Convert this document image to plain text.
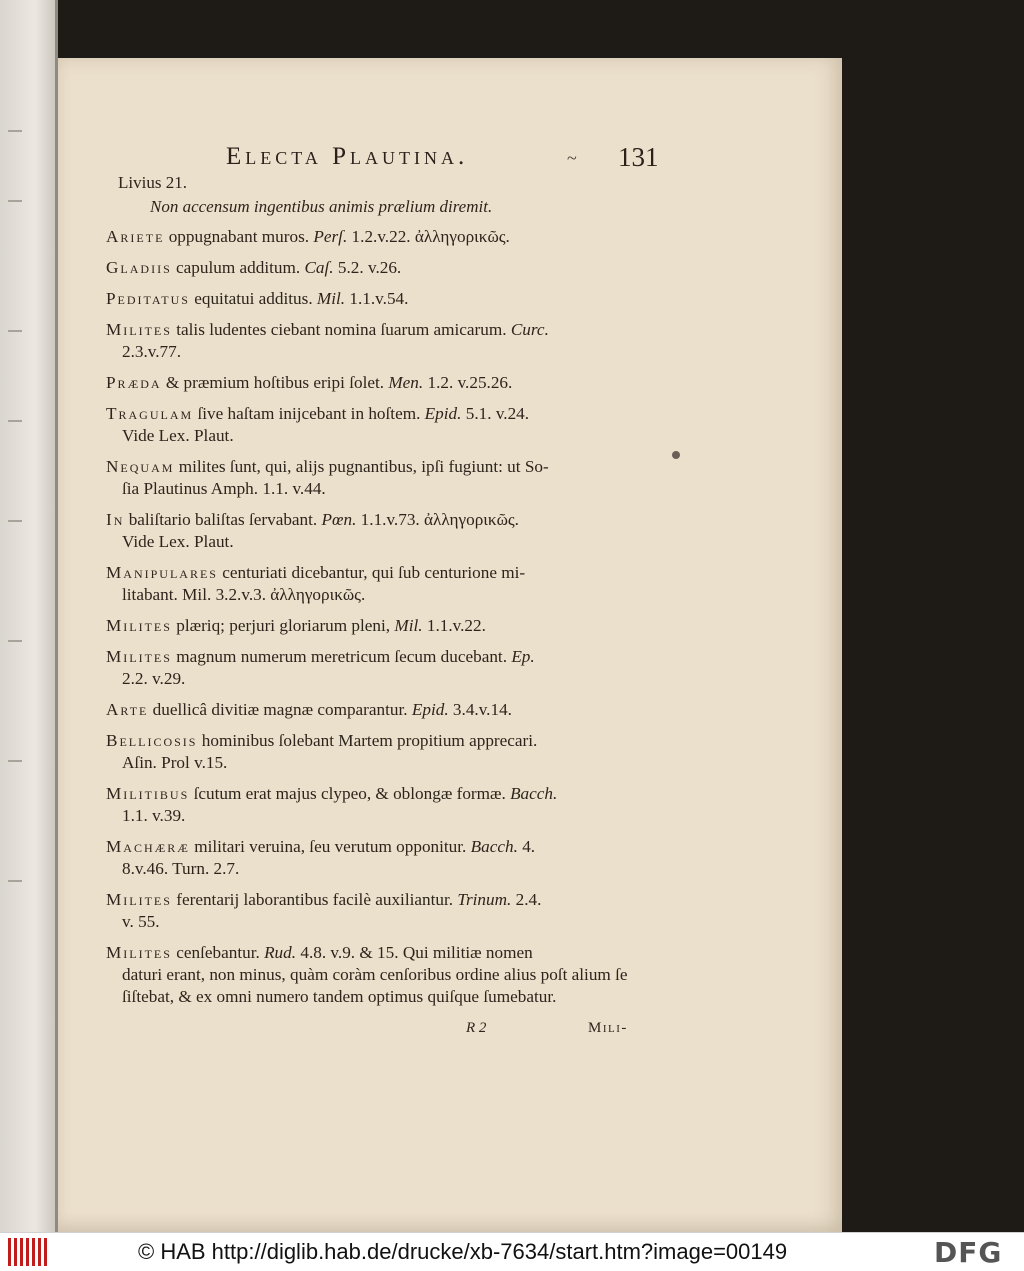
Electa Plautina.	~ 131
Livius 21.
Non accensum ingentibus animis prælium diremit.
Ariete oppugnabant muros. Perſ. 1.2.v.22. ἀλληγορικῶς.
Gladiis capulum additum. Caſ. 5.2. v.26.
Peditatus equitatui additus. Mil. 1.1.v.54.
Milites talis ludentes ciebant nomina ſuarum amicarum. Curc.
2.3.v.77.
Præda & præmium hoſtibus eripi ſolet. Men. 1.2. v.25.26.
Tragulam ſive haſtam inijcebant in hoſtem. Epid. 5.1. v.24.
Vide Lex. Plaut.
Nequam milites ſunt, qui, alijs pugnantibus, ipſi fugiunt: ut So-
ſia Plautinus Amph. 1.1. v.44.
In baliſtario baliſtas ſervabant. Pœn. 1.1.v.73. ἀλληγορικῶς.
Vide Lex. Plaut.
Manipulares centuriati dicebantur, qui ſub centurione mi-
litabant. Mil. 3.2.v.3. ἀλληγορικῶς.
Milites plæriq; perjuri gloriarum pleni, Mil. 1.1.v.22.
Milites magnum numerum meretricum ſecum ducebant. Ep.
2.2. v.29.
Arte duellicâ divitiæ magnæ comparantur. Epid. 3.4.v.14.
Bellicosis hominibus ſolebant Martem propitium apprecari.
Aſin. Prol v.15.
Militibus ſcutum erat majus clypeo, & oblongæ formæ. Bacch.
1.1. v.39.
Machæræ militari veruina, ſeu verutum opponitur. Bacch. 4.
8.v.46. Turn. 2.7.
Milites ferentarij laborantibus facilè auxiliantur. Trinum. 2.4.
v. 55.
Milites cenſebantur. Rud. 4.8. v.9. & 15. Qui militiæ nomen
daturi erant, non minus, quàm coràm cenſoribus ordine alius poſt alium ſe ſiſtebat, & ex omni numero tandem optimus quiſque ſumebatur.
R 2	Mili-
© HAB http://diglib.hab.de/drucke/xb-7634/start.htm?image=00149	DFG
